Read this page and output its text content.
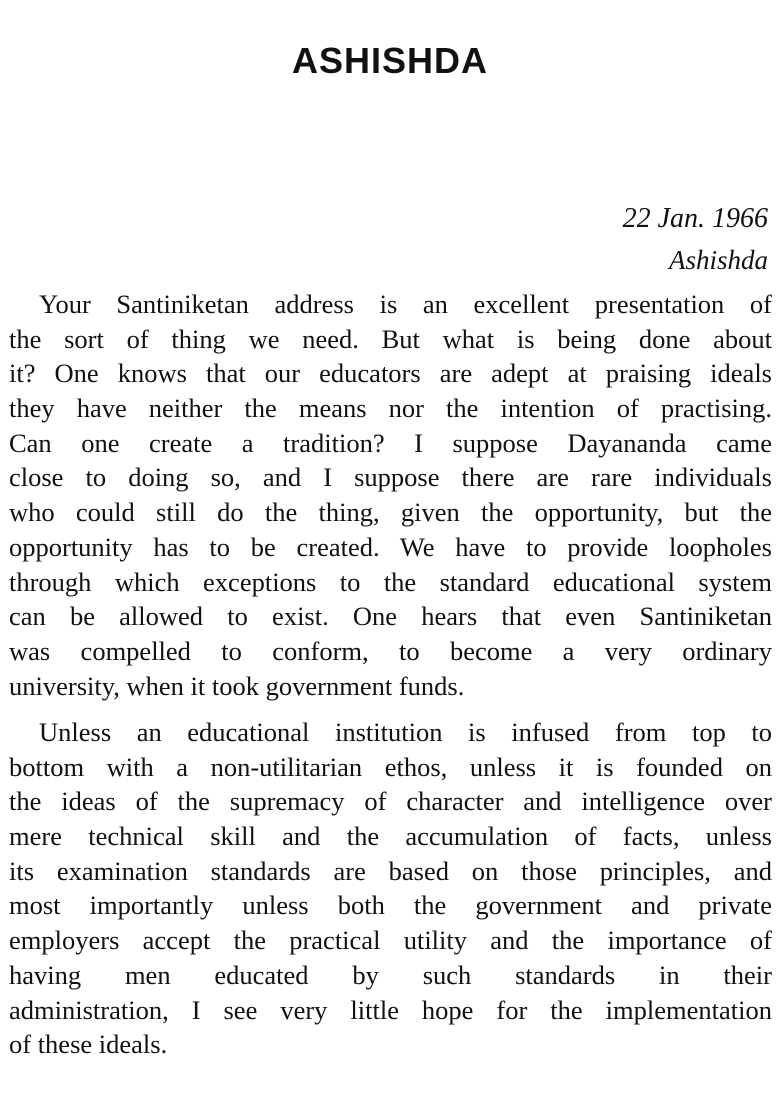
ASHISHDA
22 Jan. 1966
Ashishda
Your Santiniketan address is an excellent presentation of
the sort of thing we need. But what is being done about
it? One knows that our educators are adept at praising ideals
they have neither the means nor the intention of practising.
Can one create a tradition? I suppose Dayananda came
close to doing so, and I suppose there are rare individuals
who could still do the thing, given the opportunity, but the
opportunity has to be created. We have to provide loopholes
through which exceptions to the standard educational system
can be allowed to exist. One hears that even Santiniketan
was compelled to conform, to become a very ordinary
university, when it took government funds.
Unless an educational institution is infused from top to
bottom with a non-utilitarian ethos, unless it is founded on
the ideas of the supremacy of character and intelligence over
mere technical skill and the accumulation of facts, unless
its examination standards are based on those principles, and
most importantly unless both the government and private
employers accept the practical utility and the importance of
having men educated by such standards in their
administration, I see very little hope for the implementation
of these ideals.
